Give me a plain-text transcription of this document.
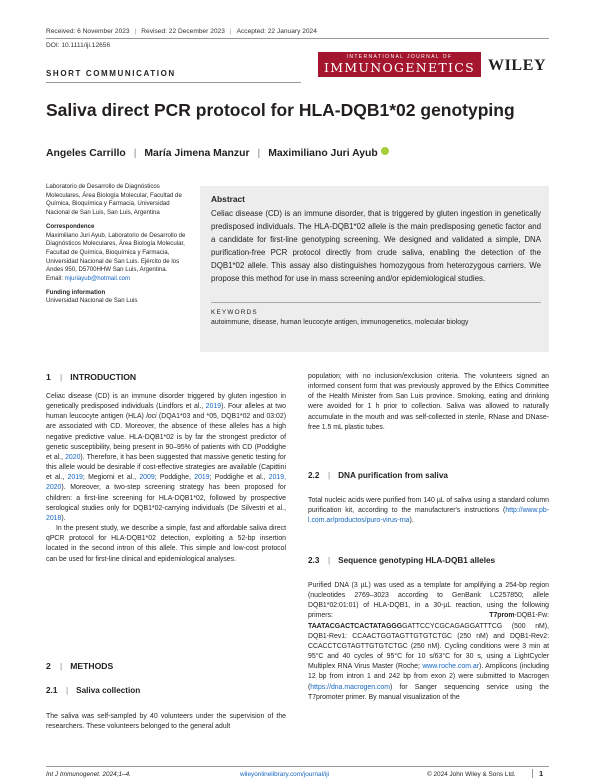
Received: 6 November 2023 | Revised: 22 December 2023 | Accepted: 22 January 2024
DOI: 10.1111/iji.12656
SHORT COMMUNICATION
INTERNATIONAL JOURNAL OF
IMMUNOGENETICS WILEY
Saliva direct PCR protocol for HLA-DQB1*02 genotyping
Angeles Carrillo | María Jimena Manzur | Maximiliano Juri Ayub
Laboratorio de Desarrollo de Diagnósticos Moleculares, Área Biología Molecular, Facultad de Química, Bioquímica y Farmacia, Universidad Nacional de San Luis, San Luis, Argentina
Correspondence
Maximiliano Juri Ayub, Laboratorio de Desarrollo de Diagnósticos Moleculares, Área Biología Molecular, Facultad de Química, Bioquímica y Farmacia, Universidad Nacional de San Luis. Ejército de los Andes 950, D5700HHW San Luis, Argentina.
Email: mjuriayub@hotmail.com
Funding information
Universidad Nacional de San Luis
Abstract
Celiac disease (CD) is an immune disorder, that is triggered by gluten ingestion in genetically predisposed individuals. The HLA-DQB1*02 allele is the main predisposing genetic factor and a candidate for first-line genotyping screening. We designed and validated a simple, DNA purification-free PCR protocol directly from crude saliva, enabling the detection of the DQB1*02 allele. This assay also distinguishes homozygous from heterozygous carriers. We propose this method for use in mass screening and/or epidemiological studies.
KEYWORDS
autoimmune, disease, human leucocyte antigen, immunogenetics, molecular biology
1 | INTRODUCTION

Celiac disease (CD) is an immune disorder triggered by gluten ingestion in genetically predisposed individuals (Lindfors et al., 2019). Four alleles at two human leucocyte antigen (HLA) loci (DQA1*03 and *05, DQB1*02 and 03:02) are associated with CD. Moreover, the absence of these alleles has a high negative predictive value. HLA-DQB1*02 is by far the strongest predictor of genetic susceptibility, being present in 90–95% of patients with CD (Poddighe et al., 2020). Therefore, it has been suggested that massive genetic testing for this allele would be desirable if cost-effective strategies are available (Capittini et al., 2019; Megiorni et al., 2009; Poddighe, 2019; Poddighe et al., 2019, 2020). Moreover, a two-step screening strategy has been proposed for children: a first-line screening for HLA-DQB1*02, followed by prospective serological studies only for DQB1*02-carrying individuals (De Silvestri et al., 2018).

In the present study, we describe a simple, fast and affordable saliva direct qPCR protocol for HLA-DQB1*02 detection, exploiting a 52-bp insertion located in the second intron of this allele. This simple and low-cost protocol can be used for first-line clinical and epidemiological analyses.

2 | METHODS
2.1 | Saliva collection
The saliva was self-sampled by 40 volunteers under the supervision of the researchers. These volunteers belonged to the general adult
population; with no inclusion/exclusion criteria. The volunteers signed an informed consent form that was previously approved by the Ethics Committee of the Health Minister from San Luis province. Smoking, eating and drinking were avoided for 1 h prior to collection. Saliva was allowed to naturally accumulate in the mouth and was self-collected in sterile, RNase and DNase-free 1.5 mL plastic tubes.
2.2 | DNA purification from saliva
Total nucleic acids were purified from 140 µL of saliva using a standard column purification kit, according to the manufacturer's instructions (http://www.pb-l.com.ar/productos/puro-virus-rna).
2.3 | Sequence genotyping HLA-DQB1 alleles
Purified DNA (3 µL) was used as a template for amplifying a 254-bp region (nucleotides 2769–3023 according to GenBank LC257850; allele DQB1*02:01:01) of HLA-DQB1, in a 30-µL reaction, using the following primers: T7prom-DQB1-Fw: TAATACGACTCACTATAGGGGATTCCYCGCAGAGGATTTCG (500 nM), DQB1-Rev1: CCAACTGGTAGTTGTGTCTGC (250 nM) and DQB1-Rev2: CCACCTCGTAGTTGTGTCTGC (250 nM). Cycling conditions were 3 min at 95°C and 40 cycles of 95°C for 10 s/63°C for 30 s, using a LightCycler Multiplex RNA Virus Master (Roche; www.roche.com.ar). Amplicons (including 12 bp from intron 1 and 242 bp from exon 2) were submitted to Macrogen (https://dna.macrogen.com) for Sanger sequencing service using the T7promoter primer. By manual visualization of the
Int J Immunogenet. 2024;1–4.	wileyonlinelibrary.com/journal/iji	© 2024 John Wiley & Sons Ltd.	1
